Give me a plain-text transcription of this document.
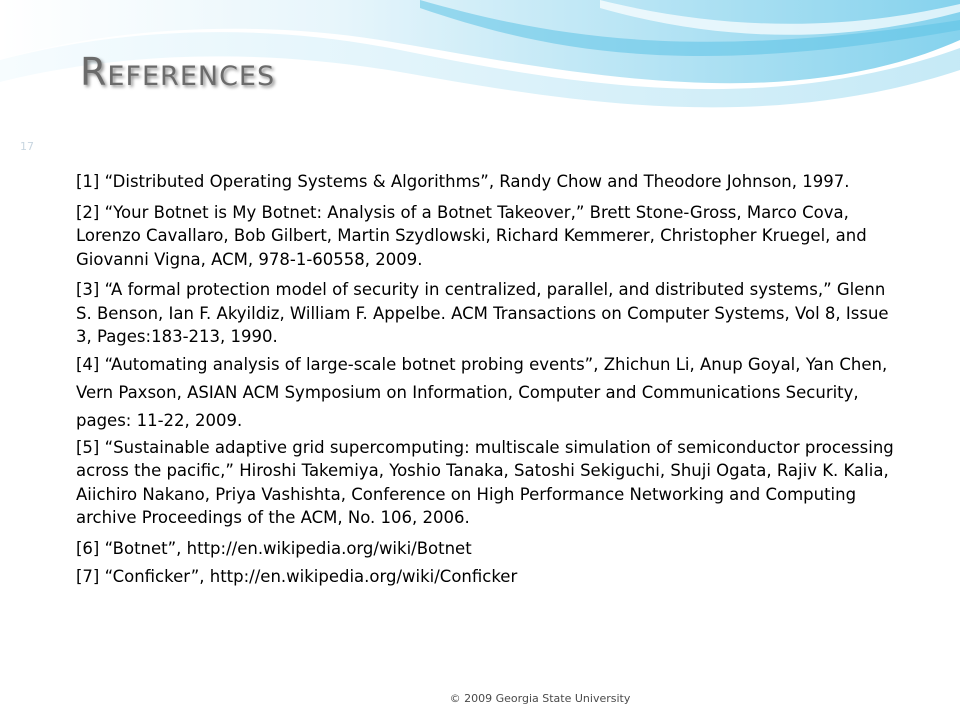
References
17

[1] “Distributed Operating Systems & Algorithms”, Randy Chow and Theodore Johnson, 1997.

[2] “Your Botnet is My Botnet: Analysis of a Botnet Takeover,” Brett Stone-Gross, Marco Cova, Lorenzo Cavallaro, Bob Gilbert, Martin Szydlowski, Richard Kemmerer, Christopher Kruegel, and Giovanni Vigna, ACM, 978-1-60558, 2009.

[3] “A formal protection model of security in centralized, parallel, and distributed systems,” Glenn S. Benson, Ian F. Akyildiz, William F. Appelbe. ACM Transactions on Computer Systems, Vol 8, Issue 3, Pages:183-213, 1990.

[4] “Automating analysis of large-scale botnet probing events”, Zhichun Li, Anup Goyal, Yan Chen, Vern Paxson, ASIAN ACM Symposium on Information, Computer and Communications Security, pages: 11-22, 2009.

[5] “Sustainable adaptive grid supercomputing: multiscale simulation of semiconductor processing across the pacific,” Hiroshi Takemiya, Yoshio Tanaka, Satoshi Sekiguchi, Shuji Ogata, Rajiv K. Kalia, Aiichiro Nakano, Priya Vashishta, Conference on High Performance Networking and Computing archive Proceedings of the ACM, No. 106, 2006.

[6] “Botnet”, http://en.wikipedia.org/wiki/Botnet

[7] “Conficker”, http://en.wikipedia.org/wiki/Conficker

© 2009 Georgia State University
